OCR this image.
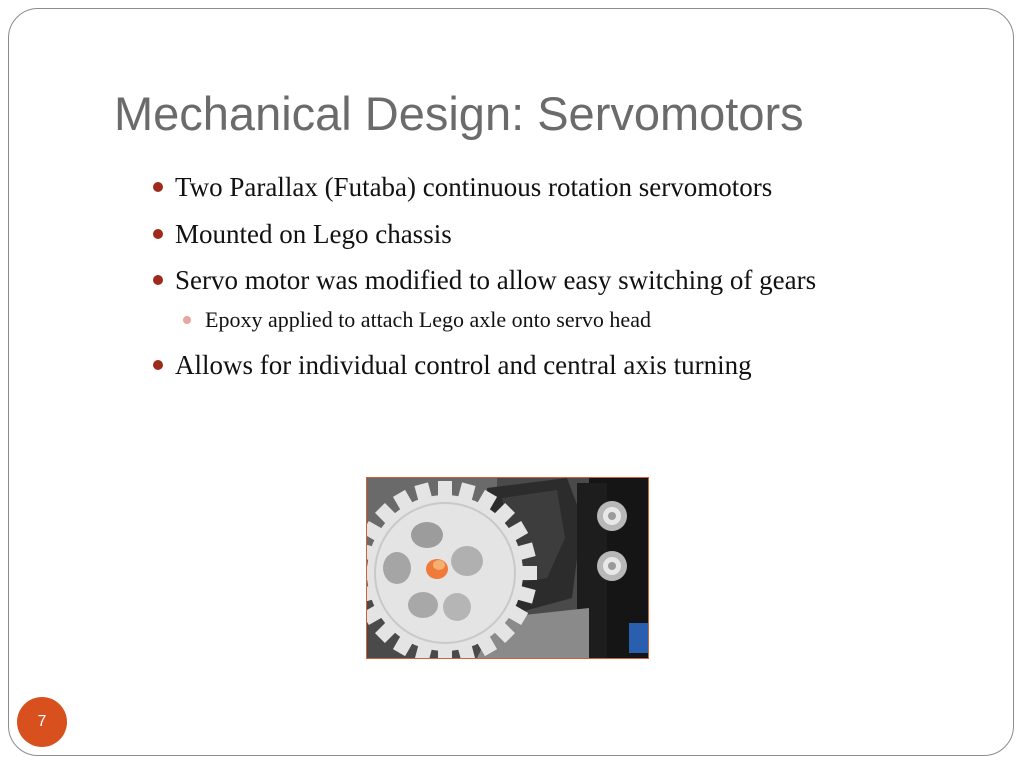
Mechanical Design: Servomotors
Two Parallax (Futaba) continuous rotation servomotors
Mounted on Lego chassis
Servo motor was modified to allow easy switching of gears
Epoxy applied to attach Lego axle onto servo head
Allows for individual control and central axis turning
7
